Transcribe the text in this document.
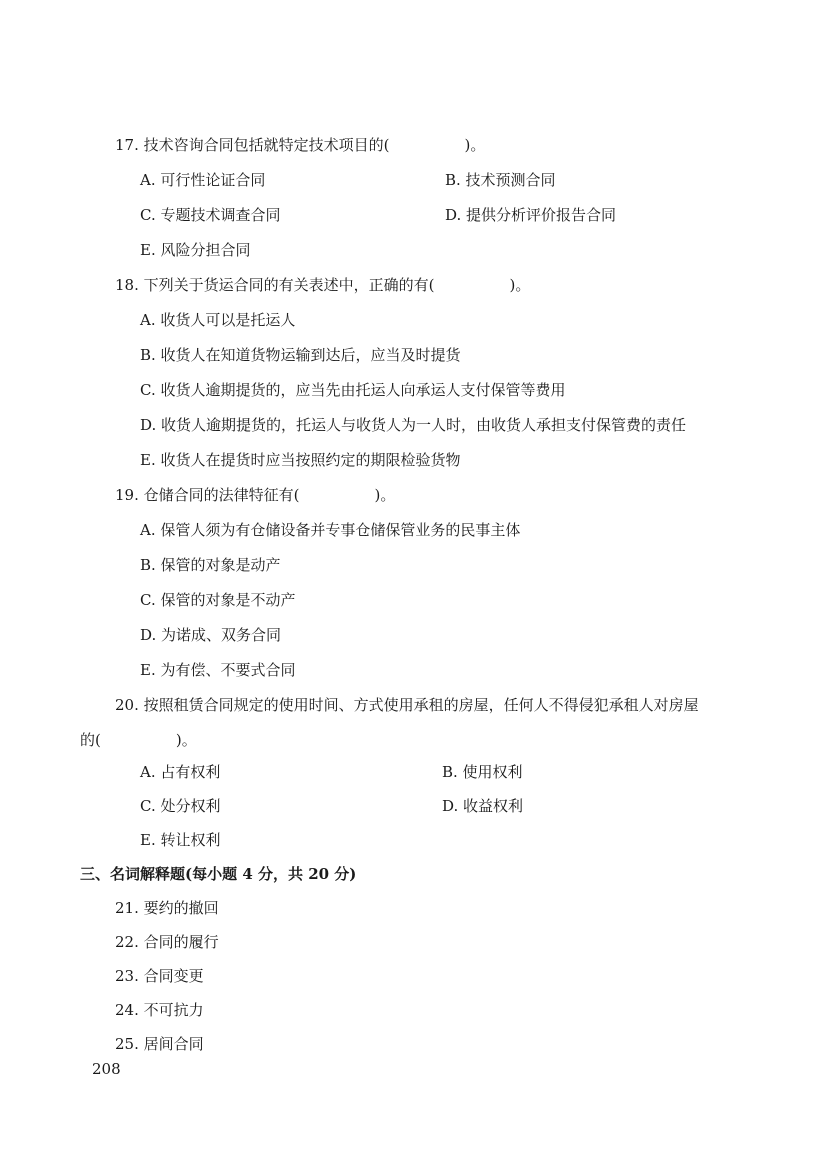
17. 技术咨询合同包括就特定技术项目的(　　　　　)。
A. 可行性论证合同	B. 技术预测合同
C. 专题技术调查合同	D. 提供分析评价报告合同
E. 风险分担合同
18. 下列关于货运合同的有关表述中，正确的有(　　　　　)。
A. 收货人可以是托运人
B. 收货人在知道货物运输到达后，应当及时提货
C. 收货人逾期提货的，应当先由托运人向承运人支付保管等费用
D. 收货人逾期提货的，托运人与收货人为一人时，由收货人承担支付保管费的责任
E. 收货人在提货时应当按照约定的期限检验货物
19. 仓储合同的法律特征有(　　　　　)。
A. 保管人须为有仓储设备并专事仓储保管业务的民事主体
B. 保管的对象是动产
C. 保管的对象是不动产
D. 为诺成、双务合同
E. 为有偿、不要式合同
20. 按照租赁合同规定的使用时间、方式使用承租的房屋，任何人不得侵犯承租人对房屋
的(　　　　　)。
A. 占有权利	B. 使用权利
C. 处分权利	D. 收益权利
E. 转让权利
三、名词解释题(每小题 4 分，共 20 分)
21. 要约的撤回
22. 合同的履行
23. 合同变更
24. 不可抗力
25. 居间合同
208
